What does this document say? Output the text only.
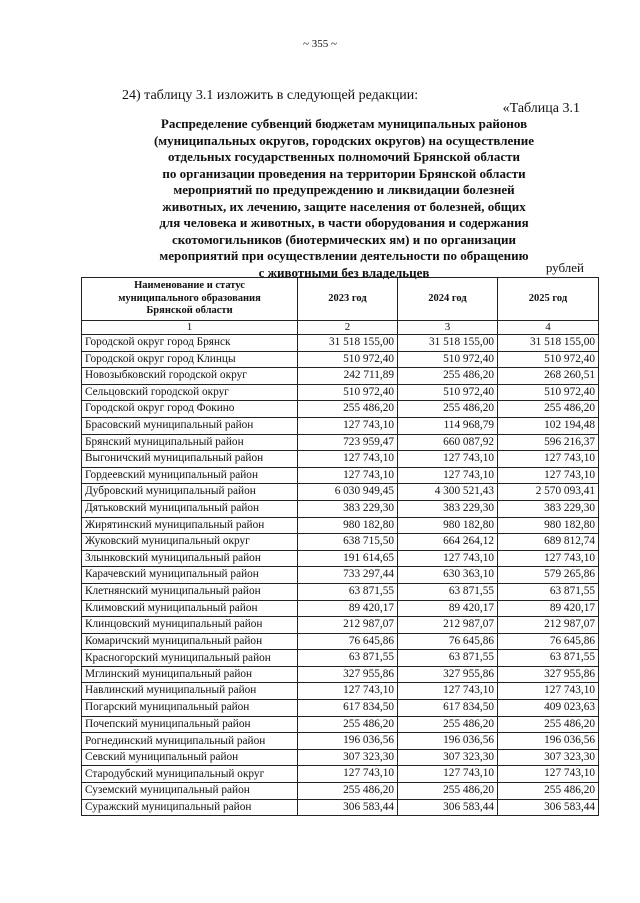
~ 355 ~
24) таблицу 3.1 изложить в следующей редакции:
«Таблица 3.1
Распределение субвенций бюджетам муниципальных районов
(муниципальных округов, городских округов) на осуществление
отдельных государственных полномочий Брянской области
по организации проведения на территории Брянской области
мероприятий по предупреждению и ликвидации болезней
животных, их лечению, защите населения от болезней, общих
для человека и животных, в части оборудования и содержания
скотомогильников (биотермических ям) и по организации
мероприятий при осуществлении деятельности по обращению
с животными без владельцев	рублей
Наименование и статус
муниципального образования
Брянской области	2023 год	2024 год	2025 год
1	2	3	4
Городской округ город Брянск	31 518 155,00	31 518 155,00	31 518 155,00
Городской округ город Клинцы	510 972,40	510 972,40	510 972,40
Новозыбковский городской округ	242 711,89	255 486,20	268 260,51
Сельцовский городской округ	510 972,40	510 972,40	510 972,40
Городской округ город Фокино	255 486,20	255 486,20	255 486,20
Брасовский муниципальный район	127 743,10	114 968,79	102 194,48
Брянский муниципальный район	723 959,47	660 087,92	596 216,37
Выгоничский муниципальный район	127 743,10	127 743,10	127 743,10
Гордеевский муниципальный район	127 743,10	127 743,10	127 743,10
Дубровский муниципальный район	6 030 949,45	4 300 521,43	2 570 093,41
Дятьковский муниципальный район	383 229,30	383 229,30	383 229,30
Жирятинский муниципальный район	980 182,80	980 182,80	980 182,80
Жуковский муниципальный округ	638 715,50	664 264,12	689 812,74
Злынковский муниципальный район	191 614,65	127 743,10	127 743,10
Карачевский муниципальный район	733 297,44	630 363,10	579 265,86
Клетнянский муниципальный район	63 871,55	63 871,55	63 871,55
Климовский муниципальный район	89 420,17	89 420,17	89 420,17
Клинцовский муниципальный район	212 987,07	212 987,07	212 987,07
Комаричский муниципальный район	76 645,86	76 645,86	76 645,86
Красногорский муниципальный район	63 871,55	63 871,55	63 871,55
Мглинский муниципальный район	327 955,86	327 955,86	327 955,86
Навлинский муниципальный район	127 743,10	127 743,10	127 743,10
Погарский муниципальный район	617 834,50	617 834,50	409 023,63
Почепский муниципальный район	255 486,20	255 486,20	255 486,20
Рогнединский муниципальный район	196 036,56	196 036,56	196 036,56
Севский муниципальный район	307 323,30	307 323,30	307 323,30
Стародубский муниципальный округ	127 743,10	127 743,10	127 743,10
Суземский муниципальный район	255 486,20	255 486,20	255 486,20
Суражский муниципальный район	306 583,44	306 583,44	306 583,44
